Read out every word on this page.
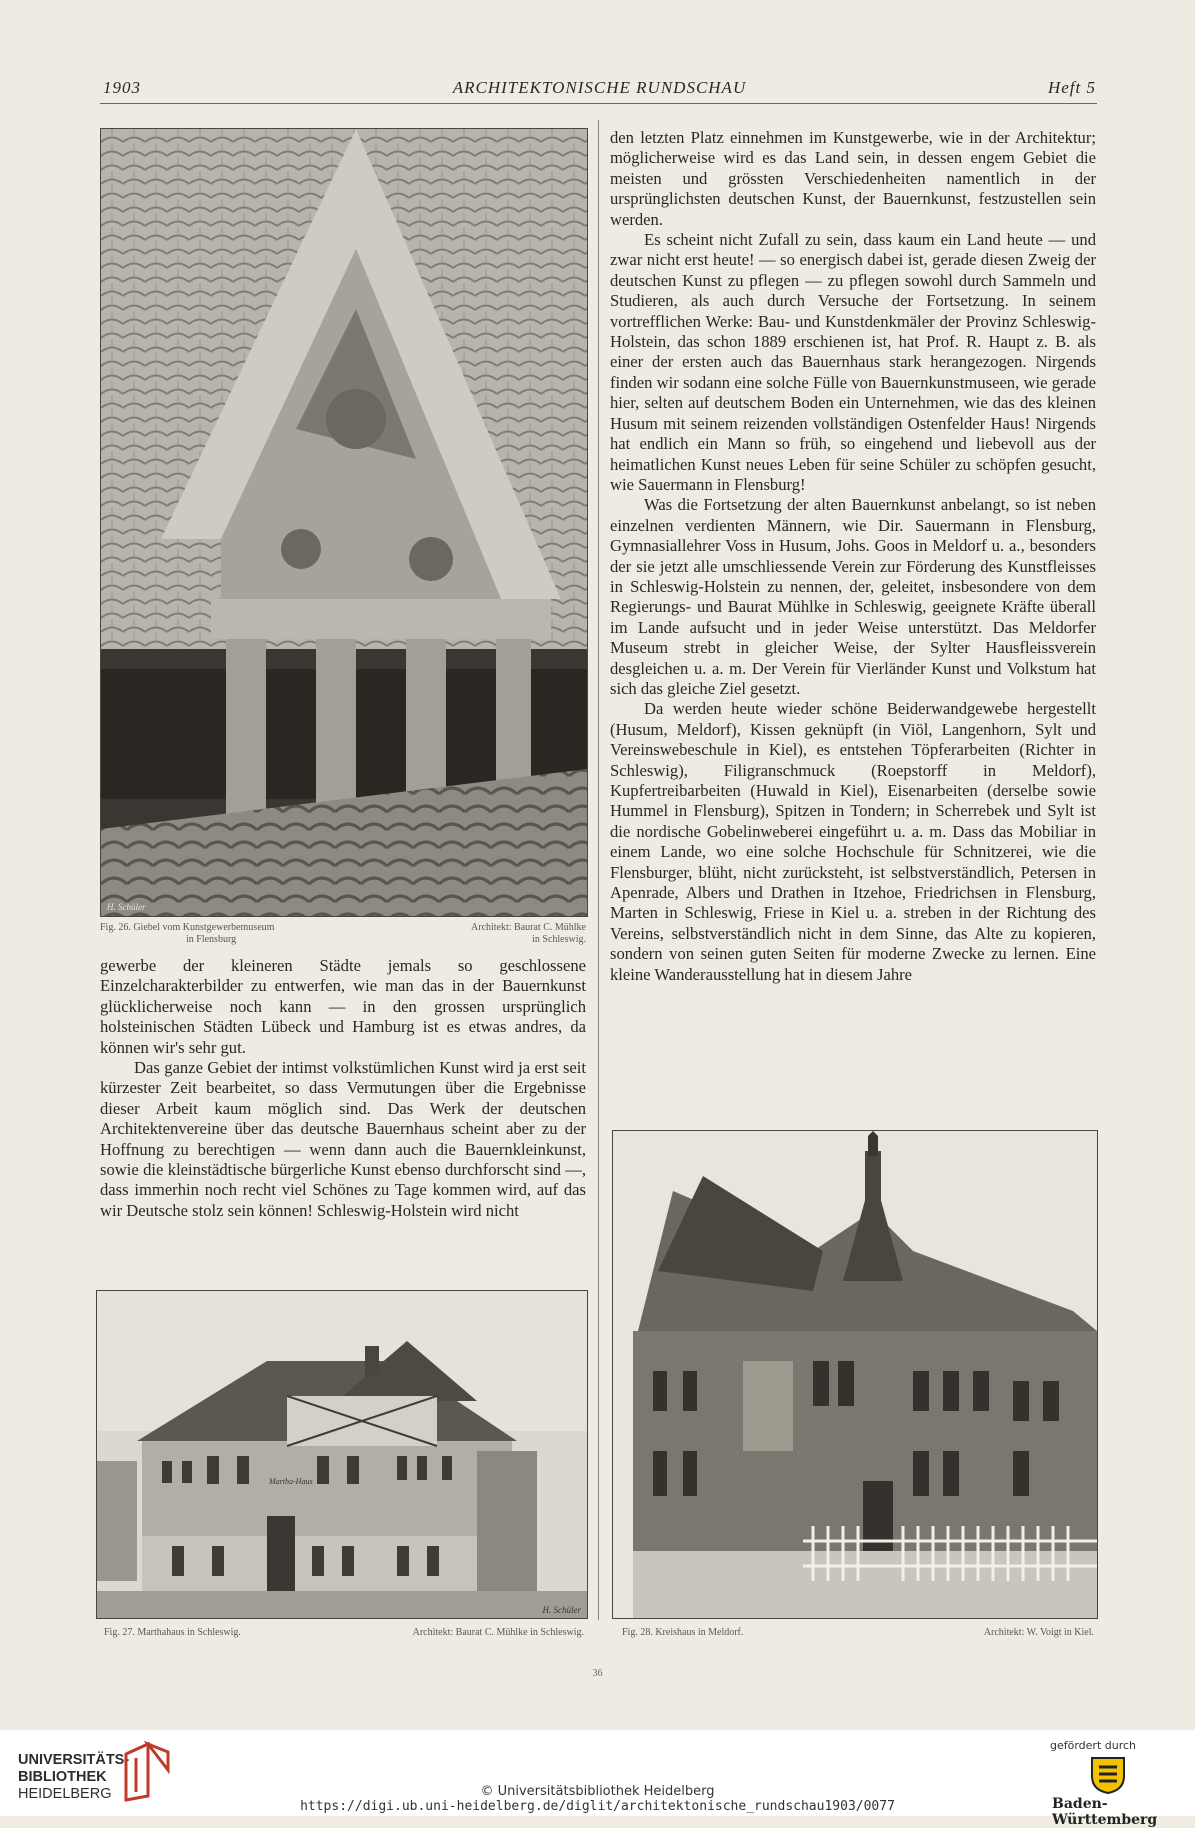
1903	ARCHITEKTONISCHE RUNDSCHAU	Heft 5
H. Schüler
Fig. 26. Giebel vom Kunstgewerbemuseum
in Flensburg
Architekt: Baurat C. Mühlke
in Schleswig.

gewerbe der kleineren Städte jemals so geschlossene Einzelcharakterbilder zu entwerfen, wie man das in der Bauernkunst glücklicherweise noch kann — in den grossen ursprünglich holsteinischen Städten Lübeck und Hamburg ist es etwas andres, da können wir's sehr gut.

Das ganze Gebiet der intimst volkstümlichen Kunst wird ja erst seit kürzester Zeit bearbeitet, so dass Vermutungen über die Ergebnisse dieser Arbeit kaum möglich sind. Das Werk der deutschen Architektenvereine über das deutsche Bauernhaus scheint aber zu der Hoffnung zu berechtigen — wenn dann auch die Bauernkleinkunst, sowie die kleinstädtische bürgerliche Kunst ebenso durchforscht sind —, dass immerhin noch recht viel Schönes zu Tage kommen wird, auf das wir Deutsche stolz sein können! Schleswig-Holstein wird nicht

den letzten Platz einnehmen im Kunstgewerbe, wie in der Architektur; möglicherweise wird es das Land sein, in dessen engem Gebiet die meisten und grössten Verschiedenheiten namentlich in der ursprünglichsten deutschen Kunst, der Bauernkunst, festzustellen sein werden.

Es scheint nicht Zufall zu sein, dass kaum ein Land heute — und zwar nicht erst heute! — so energisch dabei ist, gerade diesen Zweig der deutschen Kunst zu pflegen — zu pflegen sowohl durch Sammeln und Studieren, als auch durch Versuche der Fortsetzung. In seinem vortrefflichen Werke: Bau- und Kunstdenkmäler der Provinz Schleswig-Holstein, das schon 1889 erschienen ist, hat Prof. R. Haupt z. B. als einer der ersten auch das Bauernhaus stark herangezogen. Nirgends finden wir sodann eine solche Fülle von Bauernkunstmuseen, wie gerade hier, selten auf deutschem Boden ein Unternehmen, wie das des kleinen Husum mit seinem reizenden vollständigen Ostenfelder Haus! Nirgends hat endlich ein Mann so früh, so eingehend und liebevoll aus der heimatlichen Kunst neues Leben für seine Schüler zu schöpfen gesucht, wie Sauermann in Flensburg!

Was die Fortsetzung der alten Bauernkunst anbelangt, so ist neben einzelnen verdienten Männern, wie Dir. Sauermann in Flensburg, Gymnasiallehrer Voss in Husum, Johs. Goos in Meldorf u. a., besonders der sie jetzt alle umschliessende Verein zur Förderung des Kunstfleisses in Schleswig-Holstein zu nennen, der, geleitet, insbesondere von dem Regierungs- und Baurat Mühlke in Schleswig, geeignete Kräfte überall im Lande aufsucht und in jeder Weise unterstützt. Das Meldorfer Museum strebt in gleicher Weise, der Sylter Hausfleissverein desgleichen u. a. m. Der Verein für Vierländer Kunst und Volkstum hat sich das gleiche Ziel gesetzt.

Da werden heute wieder schöne Beiderwandgewebe hergestellt (Husum, Meldorf), Kissen geknüpft (in Viöl, Langenhorn, Sylt und Vereinswebeschule in Kiel), es entstehen Töpferarbeiten (Richter in Schleswig), Filigranschmuck (Roepstorff in Meldorf), Kupfertreibarbeiten (Huwald in Kiel), Eisenarbeiten (derselbe sowie Hummel in Flensburg), Spitzen in Tondern; in Scherrebek und Sylt ist die nordische Gobelinweberei eingeführt u. a. m. Dass das Mobiliar in einem Lande, wo eine solche Hochschule für Schnitzerei, wie die Flensburger, blüht, nicht zurücksteht, ist selbstverständlich, Petersen in Apenrade, Albers und Drathen in Itzehoe, Friedrichsen in Flensburg, Marten in Schleswig, Friese in Kiel u. a. streben in der Richtung des Vereins, selbstverständlich nicht in dem Sinne, das Alte zu kopieren, sondern von seinen guten Seiten für moderne Zwecke zu lernen. Eine kleine Wanderausstellung hat in diesem Jahre

Martha-Haus
H. Schüler
Fig. 27. Marthahaus in Schleswig.	Architekt: Baurat C. Mühlke in Schleswig.	Fig. 28. Kreishaus in Meldorf.	Architekt: W. Voigt in Kiel.
36
UNIVERSITÄTS-
BIBLIOTHEK
HEIDELBERG	© Universitätsbibliothek Heidelberg
https://digi.ub.uni-heidelberg.de/diglit/architektonische_rundschau1903/0077
gefördert durch
Baden-Württemberg
